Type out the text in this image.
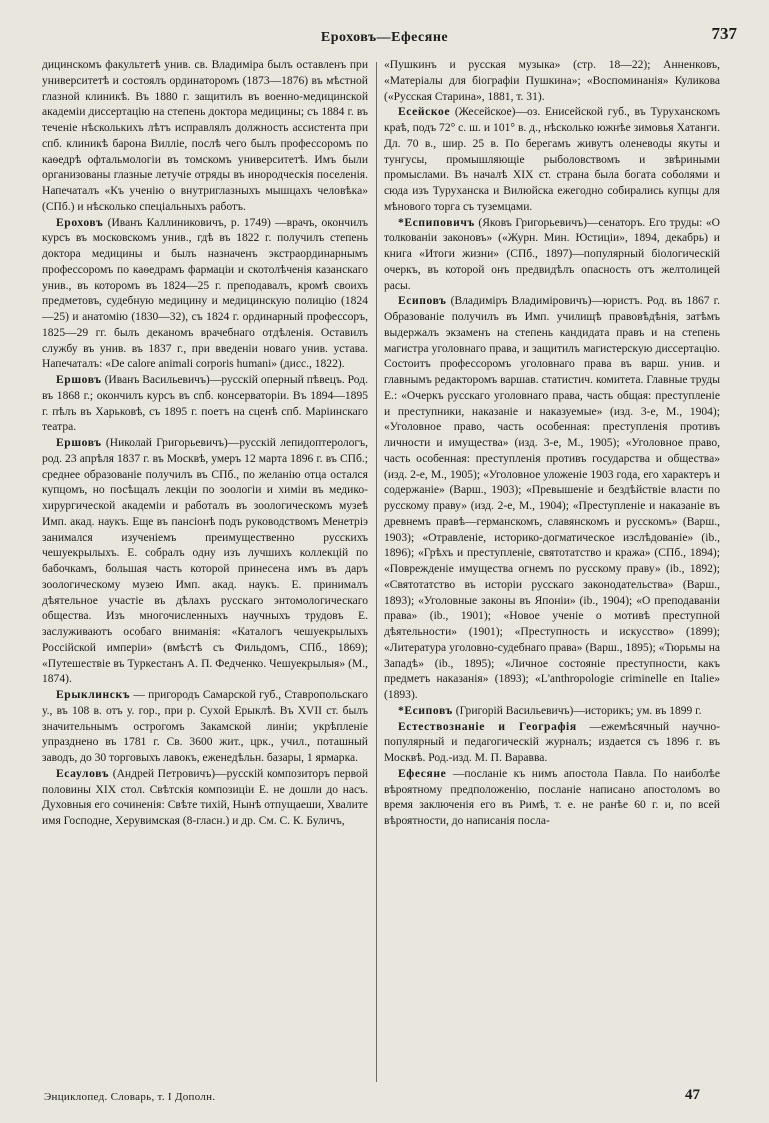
Ероховъ—Ефесяне	737

дицинскомъ факультетѣ унив. св. Владиміра былъ оставленъ при университетѣ и состоялъ ординаторомъ (1873—1876) въ мѣстной глазной клиникѣ. Въ 1880 г. защитилъ въ военно-медицинской академіи диссертацію на степень доктора медицины; съ 1884 г. въ теченіе нѣсколькихъ лѣтъ исправлялъ должность ассистента при спб. клиникѣ барона Вилліе, послѣ чего былъ профессоромъ по каѳедрѣ офтальмологіи въ томскомъ университетѣ. Имъ были организованы глазные летучіе отряды въ инородческія поселенія. Напечаталъ «Къ ученію о внутриглазныхъ мышцахъ человѣка» (СПб.) и нѣсколько спеціальныхъ работъ.

Ероховъ (Иванъ Каллиниковичъ, р. 1749) —врачъ, окончилъ курсъ въ московскомъ унив., гдѣ въ 1822 г. получилъ степень доктора медицины и былъ назначенъ экстраординарнымъ профессоромъ по каѳедрамъ фармаціи и скотолѣченія казанскаго унив., въ которомъ въ 1824—25 г. преподавалъ, кромѣ своихъ предметовъ, судебную медицину и медицинскую полицію (1824—25) и анатомію (1830—32), съ 1824 г. ординарный профессоръ, 1825—29 гг. былъ деканомъ врачебнаго отдѣленія. Оставилъ службу въ унив. въ 1837 г., при введеніи новаго унив. устава. Напечаталъ: «De calore animali corporis humani» (дисс., 1822).

Ершовъ (Иванъ Васильевичъ)—русскій оперный пѣвецъ. Род. въ 1868 г.; окончилъ курсъ въ спб. консерваторіи. Въ 1894—1895 г. пѣлъ въ Харьковѣ, съ 1895 г. поетъ на сценѣ спб. Маріинскаго театра.

Ершовъ (Николай Григорьевичъ)—русскій лепидоптерологъ, род. 23 апрѣля 1837 г. въ Москвѣ, умеръ 12 марта 1896 г. въ СПб.; среднее образованіе получилъ въ СПб., по желанію отца остался купцомъ, но посѣщалъ лекціи по зоологіи и химіи въ медико-хирургической академіи и работалъ въ зоологическомъ музеѣ Имп. акад. наукъ. Еще въ пансіонѣ подъ руководствомъ Менетріэ занимался изученіемъ преимущественно русскихъ чешуекрылыхъ. Е. собралъ одну изъ лучшихъ коллекцій по бабочкамъ, большая часть которой принесена имъ въ даръ зоологическому музею Имп. акад. наукъ. Е. принималъ дѣятельное участіе въ дѣлахъ русскаго энтомологическаго общества. Изъ многочисленныхъ научныхъ трудовъ Е. заслуживаютъ особаго вниманія: «Каталогъ чешуекрылыхъ Россійской имперіи» (вмѣстѣ съ Фильдомъ, СПб., 1869); «Путешествіе въ Туркестанъ А. П. Федченко. Чешуекрылыя» (М., 1874).

Ерыклинскъ — пригородъ Самарской губ., Ставропольскаго у., въ 108 в. отъ у. гор., при р. Сухой Ерыклѣ. Въ XVII ст. былъ значительнымъ острогомъ Закамской линіи; укрѣпленіе упразднено въ 1781 г. Св. 3600 жит., црк., учил., поташный заводъ, до 30 торговыхъ лавокъ, еженедѣльн. базары, 1 ярмарка.

Есауловъ (Андрей Петровичъ)—русскій композиторъ первой половины XIX стол. Свѣтскія композиціи Е. не дошли до насъ. Духовныя его сочиненія: Свѣте тихій, Нынѣ отпущаеши, Хвалите имя Господне, Херувимская (8-гласн.) и др. См. С. К. Буличъ,

«Пушкинъ и русская музыка» (стр. 18—22); Анненковъ, «Матеріалы для біографіи Пушкина»; «Воспоминанія» Куликова («Русская Старина», 1881, т. 31).

Есейское (Жесейское)—оз. Енисейской губ., въ Туруханскомъ краѣ, подъ 72° с. ш. и 101° в. д., нѣсколько южнѣе зимовья Хатанги. Дл. 70 в., шир. 25 в. По берегамъ живутъ оленеводы якуты и тунгусы, промышляющіе рыболовствомъ и звѣриными промыслами. Въ началѣ XIX ст. страна была богата соболями и сюда изъ Туруханска и Вилюйска ежегодно собирались купцы для мѣнового торга съ туземцами.

*Еспиповичъ (Яковъ Григорьевичъ)—сенаторъ. Его труды: «О толкованіи законовъ» («Журн. Мин. Юстиціи», 1894, декабрь) и книга «Итоги жизни» (СПб., 1897)—популярный біологическій очеркъ, въ которой онъ предвидѣлъ опасность отъ желтолицей расы.

Есиповъ (Владиміръ Владиміровичъ)—юристъ. Род. въ 1867 г. Образованіе получилъ въ Имп. училищѣ правовѣдѣнія, затѣмъ выдержалъ экзаменъ на степень кандидата правъ и на степень магистра уголовнаго права, и защитилъ магистерскую диссертацію. Состоитъ профессоромъ уголовнаго права въ варш. унив. и главнымъ редакторомъ варшав. статистич. комитета. Главные труды Е.: «Очеркъ русскаго уголовнаго права, часть общая: преступленіе и преступники, наказаніе и наказуемые» (изд. 3-е, М., 1904); «Уголовное право, часть особенная: преступленія противъ личности и имущества» (изд. 3-е, М., 1905); «Уголовное право, часть особенная: преступленія противъ государства и общества» (изд. 2-е, М., 1905); «Уголовное уложеніе 1903 года, его характеръ и содержаніе» (Варш., 1903); «Превышеніе и бездѣйствіе власти по русскому праву» (изд. 2-е, М., 1904); «Преступленіе и наказаніе въ древнемъ правѣ—германскомъ, славянскомъ и русскомъ» (Варш., 1903); «Отравленіе, историко-догматическое изслѣдованіе» (ib., 1896); «Грѣхъ и преступленіе, святотатство и кража» (СПб., 1894); «Поврежденіе имущества огнемъ по русскому праву» (ib., 1892); «Святотатство въ исторіи русскаго законодательства» (Варш., 1893); «Уголовные законы въ Японіи» (ib., 1904); «О преподаваніи права» (ib., 1901); «Новое ученіе о мотивѣ преступной дѣятельности» (1901); «Преступность и искусство» (1899); «Литература уголовно-судебнаго права» (Варш., 1895); «Тюрьмы на Западѣ» (ib., 1895); «Личное состояніе преступности, какъ предметъ наказанія» (1893); «L'anthropologie criminelle en Italie» (1893).

*Есиповъ (Григорій Васильевичъ)—историкъ; ум. въ 1899 г.

Естествознаніе и Географія —ежемѣсячный научно-популярный и педагогическій журналъ; издается съ 1896 г. въ Москвѣ. Род.-изд. М. П. Варавва.

Ефесяне —посланіе къ нимъ апостола Павла. По наиболѣе вѣроятному предположенію, посланіе написано апостоломъ во время заключенія его въ Римѣ, т. е. не ранѣе 60 г. и, по всей вѣроятности, до написанія посла-

Энциклопед. Словарь, т. I Дополн.	47
